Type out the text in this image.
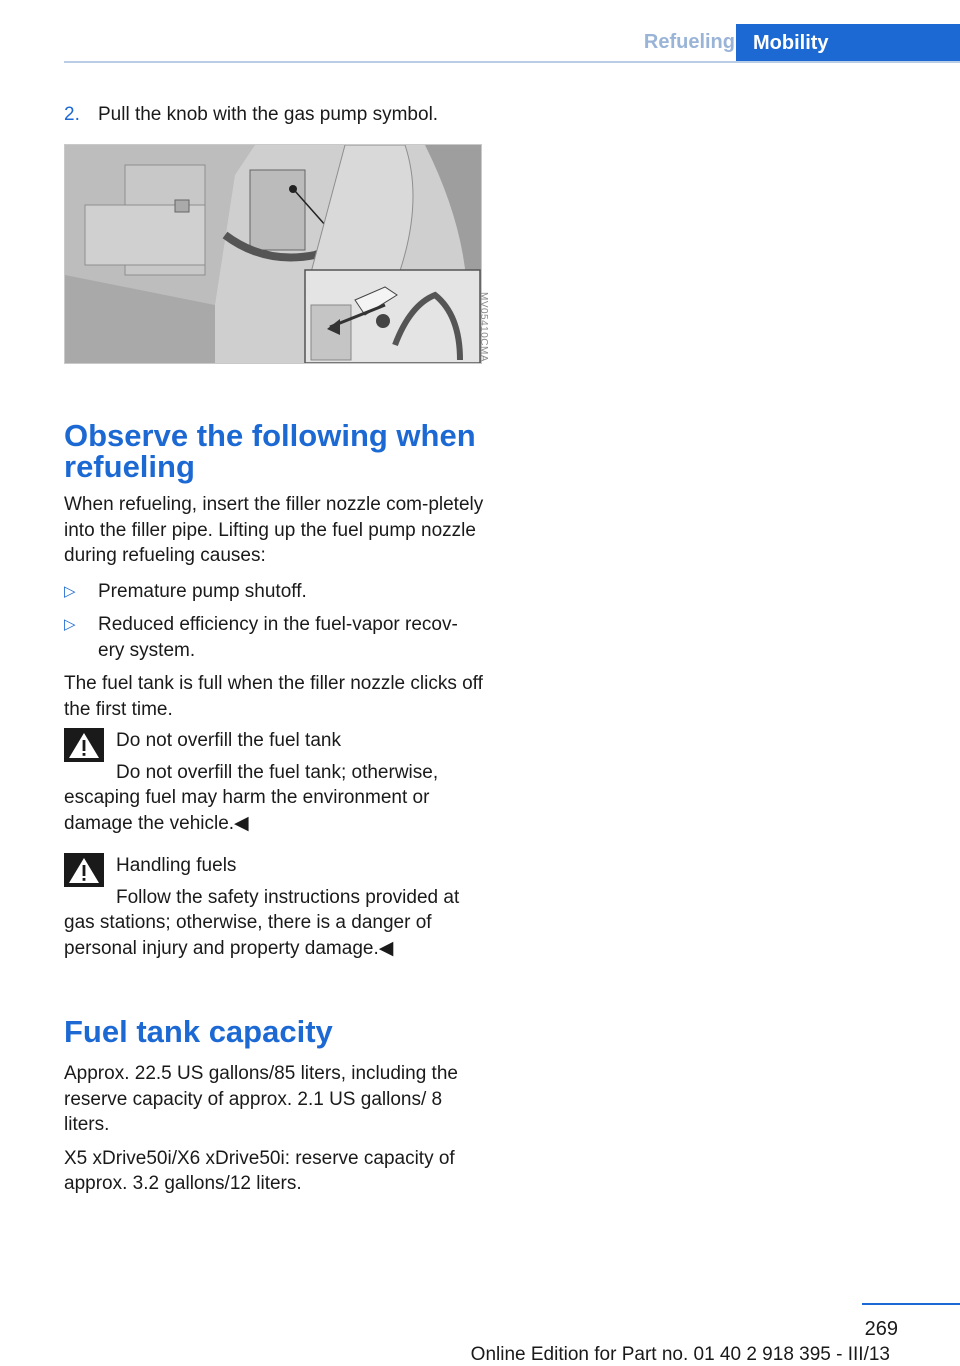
Refueling Mobility
2. Pull the knob with the gas pump symbol.
MV05410CMA
Observe the following when refueling

When refueling, insert the filler nozzle com-pletely into the filler pipe. Lifting up the fuel pump nozzle during refueling causes:

▷ Premature pump shutoff.
▷ Reduced efficiency in the fuel-vapor recov-ery system.

The fuel tank is full when the filler nozzle clicks off the first time.

Do not overfill the fuel tank
Do not overfill the fuel tank; otherwise, escaping fuel may harm the environment or damage the vehicle.◀
Handling fuels
Follow the safety instructions provided at gas stations; otherwise, there is a danger of personal injury and property damage.◀
Fuel tank capacity

Approx. 22.5 US gallons/85 liters, including the reserve capacity of approx. 2.1 US gallons/ 8 liters.

X5 xDrive50i/X6 xDrive50i: reserve capacity of approx. 3.2 gallons/12 liters.

269
Online Edition for Part no. 01 40 2 918 395 - III/13
